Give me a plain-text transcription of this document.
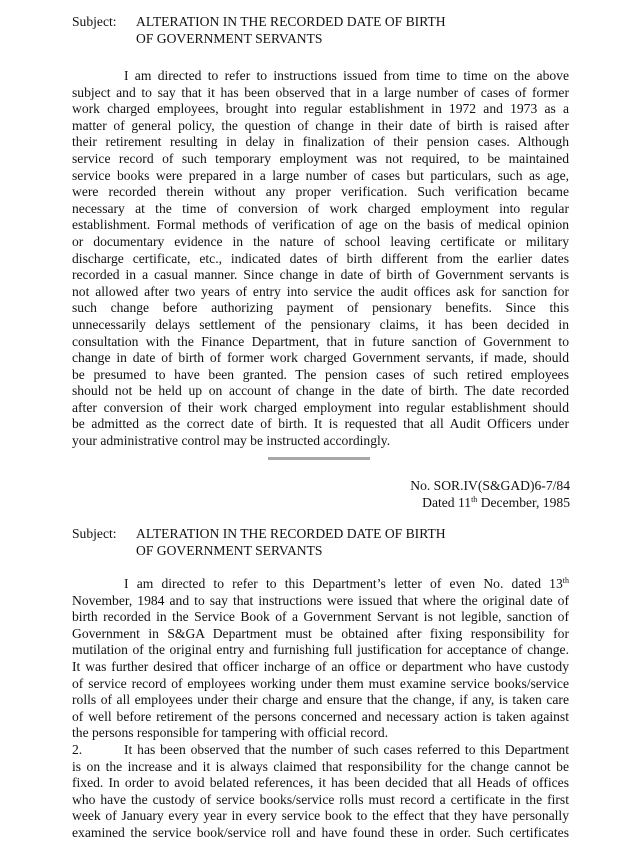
Subject: ALTERATION IN THE RECORDED DATE OF BIRTH
OF GOVERNMENT SERVANTS
I am directed to refer to instructions issued from time to time on the above
subject and to say that it has been observed that in a large number of cases of former
work charged employees, brought into regular establishment in 1972 and 1973 as a
matter of general policy, the question of change in their date of birth is raised after
their retirement resulting in delay in finalization of their pension cases. Although
service record of such temporary employment was not required, to be maintained
service books were prepared in a large number of cases but particulars, such as age,
were recorded therein without any proper verification. Such verification became
necessary at the time of conversion of work charged employment into regular
establishment. Formal methods of verification of age on the basis of medical opinion
or documentary evidence in the nature of school leaving certificate or military
discharge certificate, etc., indicated dates of birth different from the earlier dates
recorded in a casual manner. Since change in date of birth of Government servants is
not allowed after two years of entry into service the audit offices ask for sanction for
such change before authorizing payment of pensionary benefits. Since this
unnecessarily delays settlement of the pensionary claims, it has been decided in
consultation with the Finance Department, that in future sanction of Government to
change in date of birth of former work charged Government servants, if made, should
be presumed to have been granted. The pension cases of such retired employees
should not be held up on account of change in the date of birth. The date recorded
after conversion of their work charged employment into regular establishment should
be admitted as the correct date of birth. It is requested that all Audit Officers under
your administrative control may be instructed accordingly.
No. SOR.IV(S&GAD)6-7/84
Dated 11th December, 1985
Subject: ALTERATION IN THE RECORDED DATE OF BIRTH
OF GOVERNMENT SERVANTS
I am directed to refer to this Department’s letter of even No. dated 13th
November, 1984 and to say that instructions were issued that where the original date of
birth recorded in the Service Book of a Government Servant is not legible, sanction of
Government in S&GA Department must be obtained after fixing responsibility for
mutilation of the original entry and furnishing full justification for acceptance of change.
It was further desired that officer incharge of an office or department who have custody
of service record of employees working under them must examine service books/service
rolls of all employees under their charge and ensure that the change, if any, is taken care
of well before retirement of the persons concerned and necessary action is taken against
the persons responsible for tampering with official record.
2.	It has been observed that the number of such cases referred to this Department
is on the increase and it is always claimed that responsibility for the change cannot be
fixed. In order to avoid belated references, it has been decided that all Heads of offices
who have the custody of service books/service rolls must record a certificate in the first
week of January every year in every service book to the effect that they have personally
examined the service book/service roll and have found these in order. Such certificates
